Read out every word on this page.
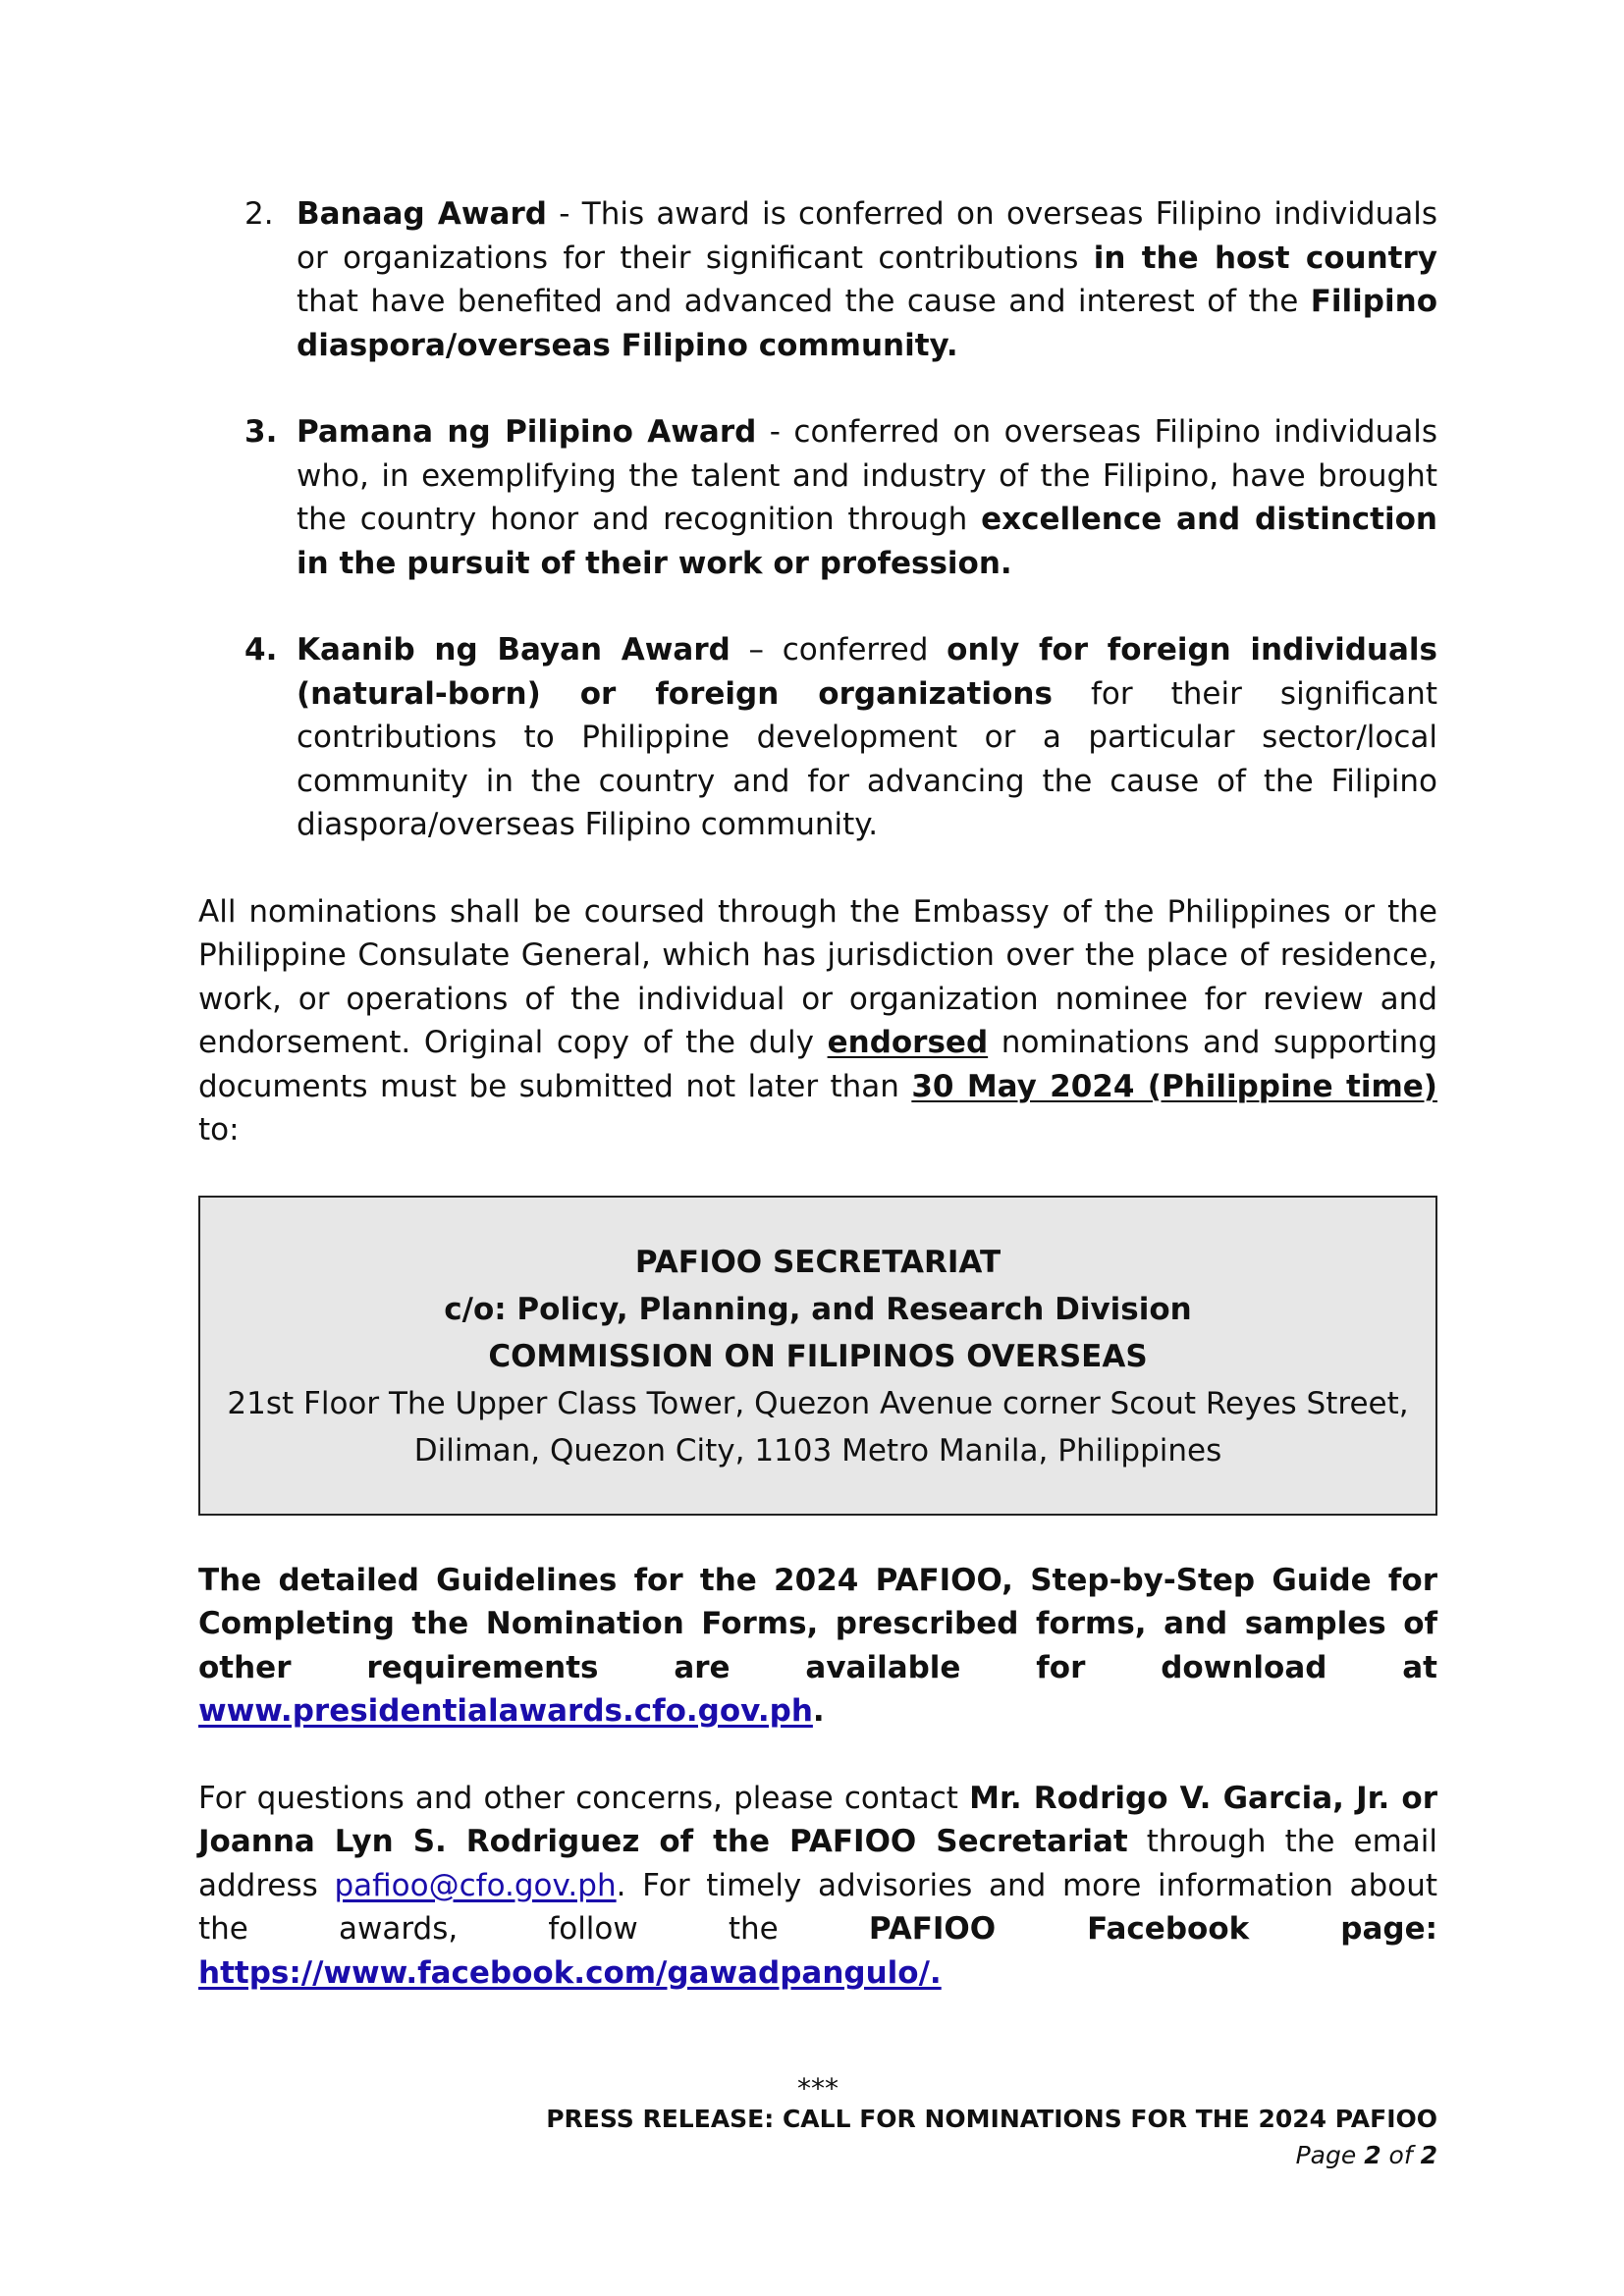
2. Banaag Award - This award is conferred on overseas Filipino individuals or organizations for their significant contributions in the host country that have benefited and advanced the cause and interest of the Filipino diaspora/overseas Filipino community.
3. Pamana ng Pilipino Award - conferred on overseas Filipino individuals who, in exemplifying the talent and industry of the Filipino, have brought the country honor and recognition through excellence and distinction in the pursuit of their work or profession.
4. Kaanib ng Bayan Award – conferred only for foreign individuals (natural-born) or foreign organizations for their significant contributions to Philippine development or a particular sector/local community in the country and for advancing the cause of the Filipino diaspora/overseas Filipino community.

All nominations shall be coursed through the Embassy of the Philippines or the Philippine Consulate General, which has jurisdiction over the place of residence, work, or operations of the individual or organization nominee for review and endorsement. Original copy of the duly endorsed nominations and supporting documents must be submitted not later than 30 May 2024 (Philippine time) to:

PAFIOO SECRETARIAT
c/o: Policy, Planning, and Research Division
COMMISSION ON FILIPINOS OVERSEAS
21st Floor The Upper Class Tower, Quezon Avenue corner Scout Reyes Street,
Diliman, Quezon City, 1103 Metro Manila, Philippines

The detailed Guidelines for the 2024 PAFIOO, Step-by-Step Guide for Completing the Nomination Forms, prescribed forms, and samples of other requirements are available for download at www.presidentialawards.cfo.gov.ph.

For questions and other concerns, please contact Mr. Rodrigo V. Garcia, Jr. or Joanna Lyn S. Rodriguez of the PAFIOO Secretariat through the email address pafioo@cfo.gov.ph. For timely advisories and more information about the awards, follow the PAFIOO Facebook page: https://www.facebook.com/gawadpangulo/.

***
PRESS RELEASE: CALL FOR NOMINATIONS FOR THE 2024 PAFIOO
Page 2 of 2
